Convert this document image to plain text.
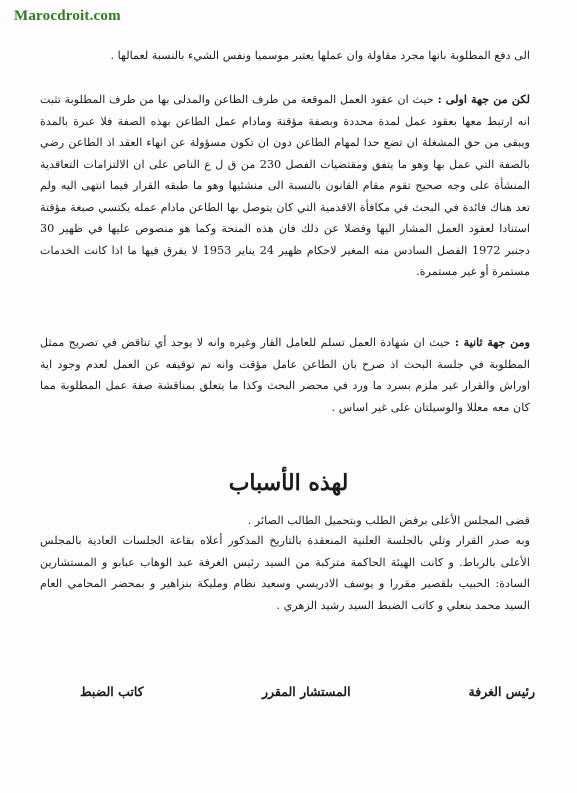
Marocdroit.com

الى دفع المطلوبة بانها مجرد مقاولة وان عملها يعتبر موسميا ونفس الشيء بالنسبة لعمالها .

لكن من جهة اولى : حيث ان عقود العمل الموقعة من طرف الطاعن والمدلى بها من طرف المطلوبة تثبت انه ارتبط معها بعقود عمل لمدة محددة وبصفة مؤقتة ومادام عمل الطاعن بهذه الصفة فلا عبرة بالمدة ويبقى من حق المشغلة ان تضع حدا لمهام الطاعن دون ان تكون مسؤولة عن انهاء العقد اذ الطاعن رضي بالصفة التي عمل بها وهو ما يتفق ومقتضيات الفصل 230 من ق ل ع الناص على ان الالتزامات التعاقدية المنشأة على وجه صحيح تقوم مقام القانون بالنسبة الى منشئيها وهو ما طبقه القرار فيما انتهى اليه ولم تعد هناك فائدة في البحث في مكافأة الاقدمية التي كان يتوصل بها الطاعن مادام عمله يكتسي صبغة مؤقتة استنادا لعقود العمل المشار اليها وفضلا عن ذلك فان هذه المنحة وكما هو منصوص عليها في ظهير 30 دجنبر 1972 الفصل السادس منه المغير لاحكام ظهير 24 يناير 1953 لا يفرق فيها ما اذا كانت الخدمات مستمرة أو غير مستمرة.

ومن جهة ثانية : حيث ان شهادة العمل تسلم للعامل القار وغيره وانه لا يوجد أي تناقض في تصريح ممثل المطلوبة في جلسة البحث اذ صرح بان الطاعن عامل مؤقت وانه تم توقيفه عن العمل لعدم وجود اية اوراش والقرار غير ملزم بسرد ما ورد في محضر البحث وكذا ما يتعلق بمناقشة صفة عمل المطلوبة مما كان معه معللا والوسيلتان على غير اساس .

لهذه الأسباب

قضى المجلس الأعلى برفض الطلب وبتحميل الطالب الصائر .

وبه صدر القرار وتلي بالجلسة العلنية المنعقدة بالتاريخ المذكور أعلاه بقاعة الجلسات العادية بالمجلس الأعلى بالرباط. و كانت الهيئة الحاكمة متركبة من السيد رئيس الغرفة عبد الوهاب عبابو و المستشارين السادة: الحبيب بلقصير مقررا و يوسف الادريسي وسعيد نظام ومليكة بنزاهير و بمحضر المحامي العام السيد محمد بنعلي و كاتب الضبط السيد رشيد الزهري .

رئيس الغرفة
المستشار المقرر
كاتب الضبط
